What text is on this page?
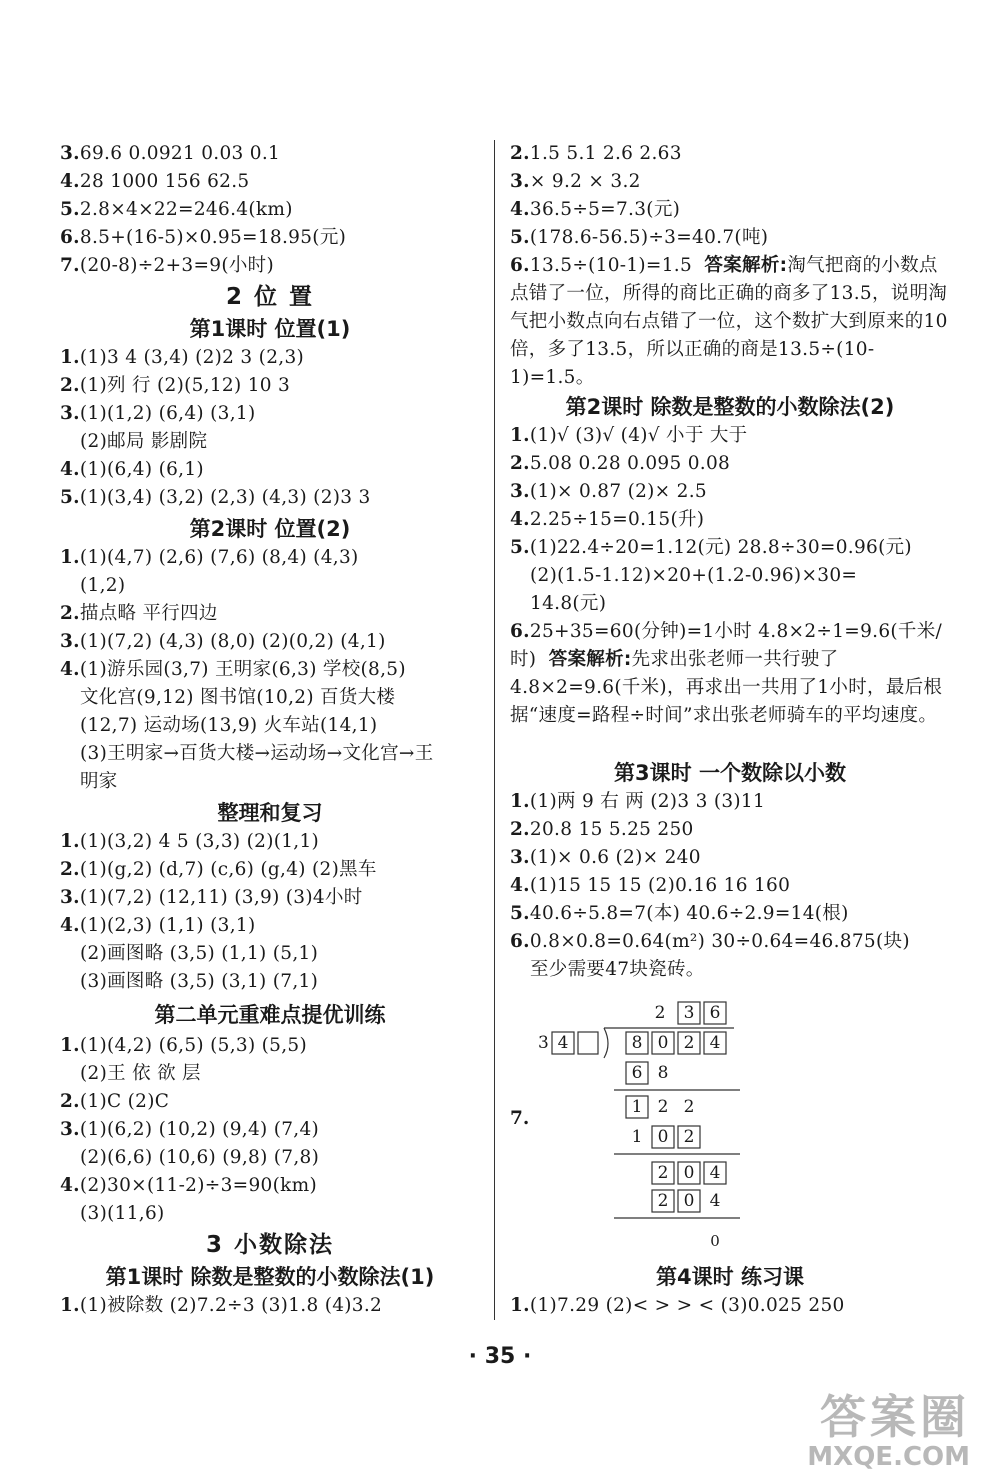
3.69.6 0.0921 0.03 0.1
4.28 1000 156 62.5
5.2.8×4×22=246.4(km)
6.8.5+(16-5)×0.95=18.95(元)
7.(20-8)÷2+3=9(小时)
2 位 置
第1课时 位置(1)
1.(1)3 4 (3,4) (2)2 3 (2,3)
2.(1)列 行 (2)(5,12) 10 3
3.(1)(1,2) (6,4) (3,1)
(2)邮局 影剧院
4.(1)(6,4) (6,1)
5.(1)(3,4) (3,2) (2,3) (4,3) (2)3 3
第2课时 位置(2)
1.(1)(4,7) (2,6) (7,6) (8,4) (4,3)
(1,2)
2.描点略 平行四边
3.(1)(7,2) (4,3) (8,0) (2)(0,2) (4,1)
4.(1)游乐园(3,7) 王明家(6,3) 学校(8,5)
文化宫(9,12) 图书馆(10,2) 百货大楼
(12,7) 运动场(13,9) 火车站(14,1)
(3)王明家→百货大楼→运动场→文化宫→王
明家
整理和复习
1.(1)(3,2) 4 5 (3,3) (2)(1,1)
2.(1)(g,2) (d,7) (c,6) (g,4) (2)黑车
3.(1)(7,2) (12,11) (3,9) (3)4小时
4.(1)(2,3) (1,1) (3,1)
(2)画图略 (3,5) (1,1) (5,1)
(3)画图略 (3,5) (3,1) (7,1)
第二单元重难点提优训练
1.(1)(4,2) (6,5) (5,3) (5,5)
(2)王 依 欲 层
2.(1)C (2)C
3.(1)(6,2) (10,2) (9,4) (7,4)
(2)(6,6) (10,6) (9,8) (7,8)
4.(2)30×(11-2)÷3=90(km)
(3)(11,6)
3 小数除法
第1课时 除数是整数的小数除法(1)
1.(1)被除数 (2)7.2÷3 (3)1.8 (4)3.2
2.1.5 5.1 2.6 2.63
3.× 9.2 × 3.2
4.36.5÷5=7.3(元)
5.(178.6-56.5)÷3=40.7(吨)
6.13.5÷(10-1)=1.5 答案解析:淘气把商的小数点点错了一位，所得的商比正确的商多了13.5，说明淘气把小数点向右点错了一位，这个数扩大到原来的10倍，多了13.5，所以正确的商是13.5÷(10-1)=1.5。
第2课时 除数是整数的小数除法(2)
1.(1)√ (3)√ (4)√ 小于 大于
2.5.08 0.28 0.095 0.08
3.(1)× 0.87 (2)× 2.5
4.2.25÷15=0.15(升)
5.(1)22.4÷20=1.12(元) 28.8÷30=0.96(元)
(2)(1.5-1.12)×20+(1.2-0.96)×30=
14.8(元)
6.25+35=60(分钟)=1小时 4.8×2÷1=9.6(千米/时) 答案解析:先求出张老师一共行驶了4.8×2=9.6(千米)，再求出一共用了1小时，最后根据“速度=路程÷时间”求出张老师骑车的平均速度。
第3课时 一个数除以小数
1.(1)两 9 右 两 (2)3 3 (3)11
2.20.8 15 5.25 250
3.(1)× 0.6 (2)× 240
4.(1)15 15 15 (2)0.16 16 160
5.40.6÷5.8=7(本) 40.6÷2.9=14(根)
6.0.8×0.8=0.64(m²) 30÷0.64=46.875(块)
至少需要47块瓷砖。
7.
2 3 6
3 4	8 0 2 4
6 8
1 2 2
1 0 2
2 0 4
2 0 4
0
第4课时 练习课
1.(1)7.29 (2)< > > < (3)0.025 250
· 35 ·
答案圈
MXQE.COM
